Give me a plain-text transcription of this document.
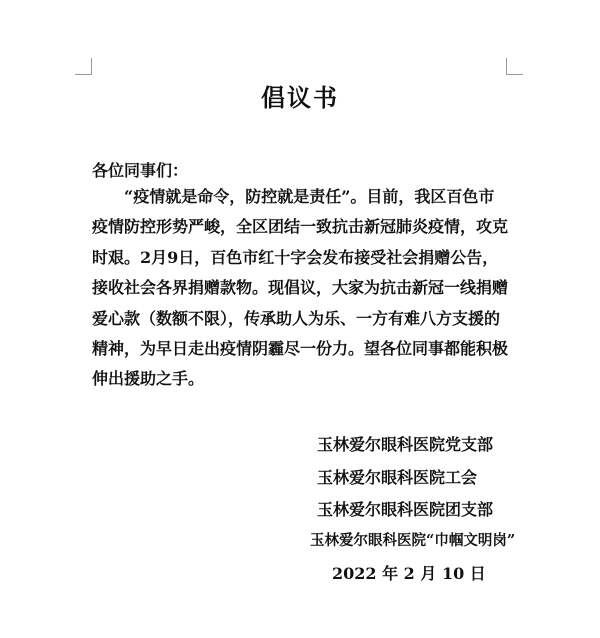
倡议书
各位同事们：
“疫情就是命令，防控就是责任”。目前，我区百色市
疫情防控形势严峻，全区团结一致抗击新冠肺炎疫情，攻克
时艰。2月9日，百色市红十字会发布接受社会捐赠公告，
接收社会各界捐赠款物。现倡议，大家为抗击新冠一线捐赠
爱心款（数额不限），传承助人为乐、一方有难八方支援的
精神，为早日走出疫情阴霾尽一份力。望各位同事都能积极
伸出援助之手。
玉林爱尔眼科医院党支部
玉林爱尔眼科医院工会
玉林爱尔眼科医院团支部
玉林爱尔眼科医院“巾帼文明岗”
2022 年 2 月 10 日
